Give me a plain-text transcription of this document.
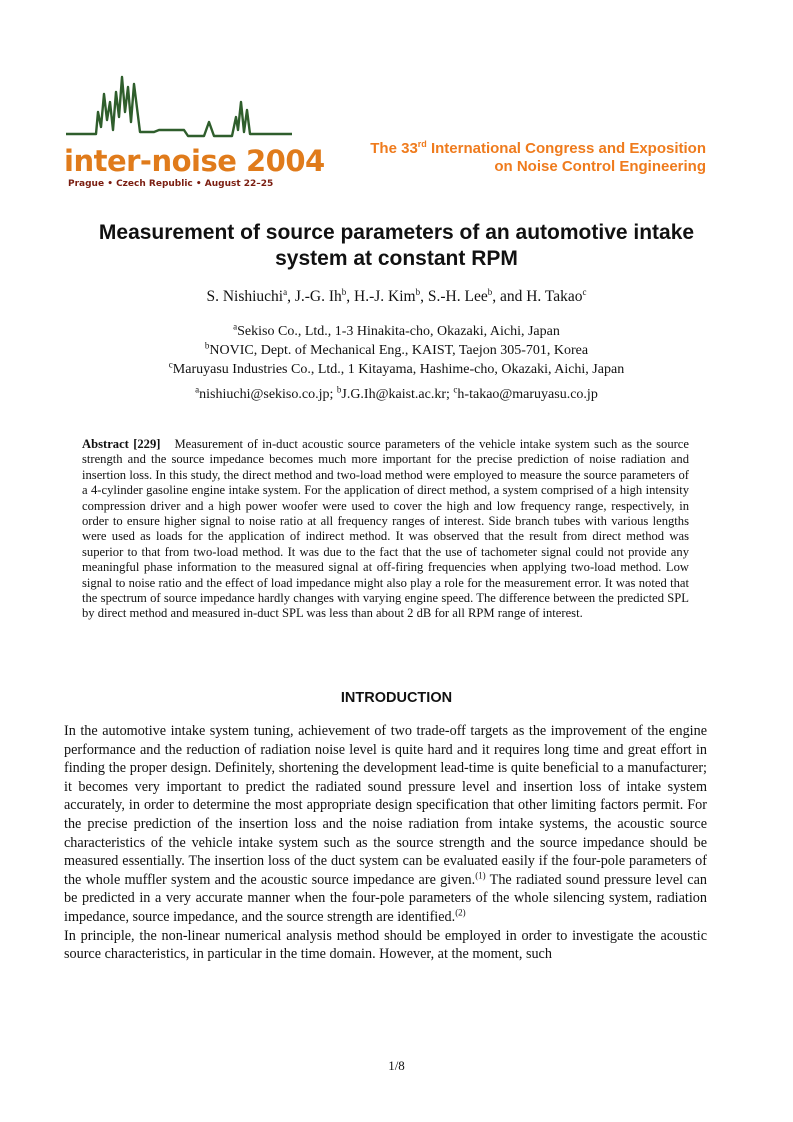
inter-noise 2004
Prague • Czech Republic • August 22–25
The 33rd International Congress and Exposition
on Noise Control Engineering
Measurement of source parameters of an automotive intake
system at constant RPM
S. Nishiuchi$^a$, J.-G. Ih$^b$, H.-J. Kim$^b$, S.-H. Lee$^b$, and H. Takao$^c$
$^a$Sekiso Co., Ltd., 1-3 Hinakita-cho, Okazaki, Aichi, Japan
$^b$NOVIC, Dept. of Mechanical Eng., KAIST, Taejon 305-701, Korea
$^c$Maruyasu Industries Co., Ltd., 1 Kitayama, Hashime-cho, Okazaki, Aichi, Japan
$^a$nishiuchi@sekiso.co.jp; $^b$J.G.Ih@kaist.ac.kr; $^c$h-takao@maruyasu.co.jp

Abstract [229] Measurement of in-duct acoustic source parameters of the vehicle intake system such as the source strength and the source impedance becomes much more important for the precise prediction of noise radiation and insertion loss. In this study, the direct method and two-load method were employed to measure the source parameters of a 4-cylinder gasoline engine intake system. For the application of direct method, a system comprised of a high intensity compression driver and a high power woofer were used to cover the high and low frequency range, respectively, in order to ensure higher signal to noise ratio at all frequency ranges of interest. Side branch tubes with various lengths were used as loads for the application of indirect method. It was observed that the result from direct method was superior to that from two-load method. It was due to the fact that the use of tachometer signal could not provide any meaningful phase information to the measured signal at off-firing frequencies when applying two-load method. Low signal to noise ratio and the effect of load impedance might also play a role for the measurement error. It was noted that the spectrum of source impedance hardly changes with varying engine speed. The difference between the predicted SPL by direct method and measured in-duct SPL was less than about 2 dB for all RPM range of interest.

INTRODUCTION

In the automotive intake system tuning, achievement of two trade-off targets as the improvement of the engine performance and the reduction of radiation noise level is quite hard and it requires long time and great effort in finding the proper design. Definitely, shortening the development lead-time is quite beneficial to a manufacturer; it becomes very important to predict the radiated sound pressure level and insertion loss of intake system accurately, in order to determine the most appropriate design specification that other limiting factors permit. For the precise prediction of the insertion loss and the noise radiation from intake systems, the acoustic source characteristics of the vehicle intake system such as the source strength and the source impedance should be measured essentially. The insertion loss of the duct system can be evaluated easily if the four-pole parameters of the whole muffler system and the acoustic source impedance are given.$^{(1)}$ The radiated sound pressure level can be predicted in a very accurate manner when the four-pole parameters of the whole silencing system, radiation impedance, source impedance, and the source strength are identified.$^{(2)}$

In principle, the non-linear numerical analysis method should be employed in order to investigate the acoustic source characteristics, in particular in the time domain. However, at the moment, such

1/8
